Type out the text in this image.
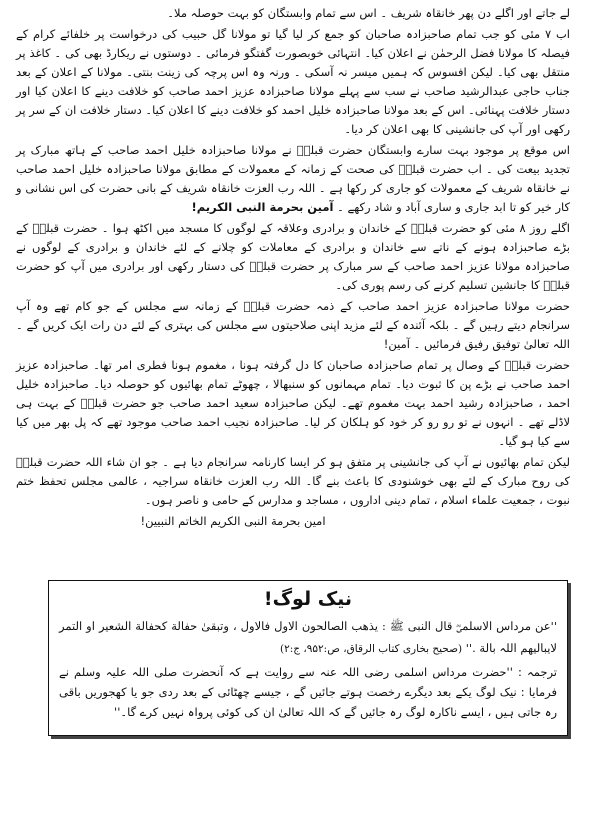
لے جاتے اور اگلے دن پھر خانقاہ شریف ۔ اس سے تمام وابستگان کو بہت حوصلہ ملا۔

اب ۷ مئی کو جب تمام صاحبزادہ صاحبان کو جمع کر لیا گیا تو مولانا گل حبیب کی درخواست پر خلفائے کرام کے فیصلہ کا مولانا فضل الرحمٰن نے اعلان کیا۔ انتہائی خوبصورت گفتگو فرمائی ۔ دوستوں نے ریکارڈ بھی کی ۔ کاغذ پر منتقل بھی کیا۔ لیکن افسوس کہ ہمیں میسر نہ آسکی ۔ ورنہ وہ اس پرچہ کی زینت بنتی۔ مولانا کے اعلان کے بعد جناب حاجی عبدالرشید صاحب نے سب سے پہلے مولانا صاحبزادہ عزیز احمد صاحب کو خلافت دینے کا اعلان کیا اور دستار خلافت پہنائی۔ اس کے بعد مولانا صاحبزادہ خلیل احمد کو خلافت دینے کا اعلان کیا۔ دستار خلافت ان کے سر پر رکھی اور آپ کی جانشینی کا بھی اعلان کر دیا۔

اس موقع پر موجود بہت سارے وابستگان حضرت قبلہؒ نے مولانا صاحبزادہ خلیل احمد صاحب کے ہاتھ مبارک پر تجدید بیعت کی ۔ اب حضرت قبلہؒ کی صحت کے زمانہ کے معمولات کے مطابق مولانا صاحبزادہ خلیل احمد صاحب نے خانقاہ شریف کے معمولات کو جاری کر رکھا ہے ۔ اللہ رب العزت خانقاہ شریف کے بانی حضرت کی اس نشانی و کار خیر کو تا ابد جاری و ساری آباد و شاد رکھے ۔ آمین بحرمة النبی الکریم!

اگلے روز ۸ مئی کو حضرت قبلہؒ کے خاندان و برادری وعلاقہ کے لوگوں کا مسجد میں اکٹھ ہوا ۔ حضرت قبلہؒ کے بڑے صاحبزادہ ہونے کے ناتے سے خاندان و برادری کے معاملات کو چلانے کے لئے خاندان و برادری کے لوگوں نے صاحبزادہ مولانا عزیز احمد صاحب کے سر مبارک پر حضرت قبلہؒ کی دستار رکھی اور برادری میں آپ کو حضرت قبلہؒ کا جانشین تسلیم کرنے کی رسم پوری کی۔

حضرت مولانا صاحبزادہ عزیز احمد صاحب کے ذمہ حضرت قبلہؒ کے زمانہ سے مجلس کے جو کام تھے وہ آپ سرانجام دیتے رہیں گے ۔ بلکہ آئندہ کے لئے مزید اپنی صلاحیتوں سے مجلس کی بہتری کے لئے دن رات ایک کریں گے ۔ اللہ تعالیٰ توفیق رفیق فرمائیں ۔ آمین!

حضرت قبلہؒ کے وصال پر تمام صاحبزادہ صاحبان کا دل گرفتہ ہونا ، مغموم ہونا فطری امر تھا۔ صاحبزادہ عزیز احمد صاحب نے بڑے پن کا ثبوت دیا۔ تمام مہمانوں کو سنبھالا ، چھوٹے تمام بھائیوں کو حوصلہ دیا۔ صاحبزادہ خلیل احمد ، صاحبزادہ رشید احمد بہت مغموم تھے۔ لیکن صاحبزادہ سعید احمد صاحب جو حضرت قبلہؒ کے بہت ہی لاڈلے تھے ۔ انہوں نے تو رو رو کر خود کو ہلکان کر لیا۔ صاحبزادہ نجیب احمد صاحب موجود تھے کہ پل بھر میں کیا سے کیا ہو گیا۔

لیکن تمام بھائیوں نے آپ کی جانشینی پر متفق ہو کر ایسا کارنامہ سرانجام دیا ہے ۔ جو ان شاء اللہ حضرت قبلہؒ کی روح مبارک کے لئے بھی خوشنودی کا باعث بنے گا۔ اللہ رب العزت خانقاہ سراجیہ ، عالمی مجلس تحفظ ختم نبوت ، جمعیت علماء اسلام ، تمام دینی اداروں ، مساجد و مدارس کے حامی و ناصر ہوں۔

امین بحرمة النبی الکریم الخاتم النبیین!

نیک لوگ!

''عن مرداس الاسلمیؓ قال النبی ﷺ : یذھب الصالحون الاول فالاول ، وتبقیٰ حفالة کحفالة الشعیر او التمر لایبالیھم اللہ بالة .'' (صحیح بخاری کتاب الرقاق، ص:۹۵۲، ج:۲)

ترجمہ : ''حضرت مرداس اسلمی رضی اللہ عنہ سے روایت ہے کہ آنحضرت صلی اللہ علیہ وسلم نے فرمایا : نیک لوگ یکے بعد دیگرے رخصت ہوتے جائیں گے ، جیسے چھٹائی کے بعد ردی جو یا کھجوریں باقی رہ جاتی ہیں ، ایسے ناکارہ لوگ رہ جائیں گے کہ اللہ تعالیٰ ان کی کوئی پرواہ نہیں کرے گا۔''
